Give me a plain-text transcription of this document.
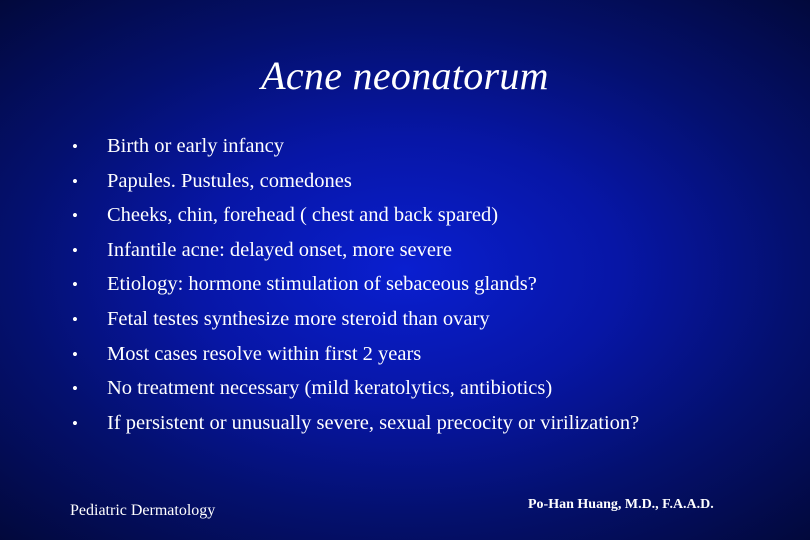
Acne neonatorum
•	Birth or early infancy
•	Papules. Pustules, comedones
•	Cheeks, chin, forehead ( chest and back spared)
•	Infantile acne: delayed onset, more severe
•	Etiology: hormone stimulation of sebaceous glands?
•	Fetal testes synthesize more steroid than ovary
•	Most cases resolve within first 2 years
•	No treatment necessary (mild keratolytics, antibiotics)
•	If persistent or unusually severe, sexual precocity or virilization?
Pediatric Dermatology	Po-Han Huang, M.D., F.A.A.D.
